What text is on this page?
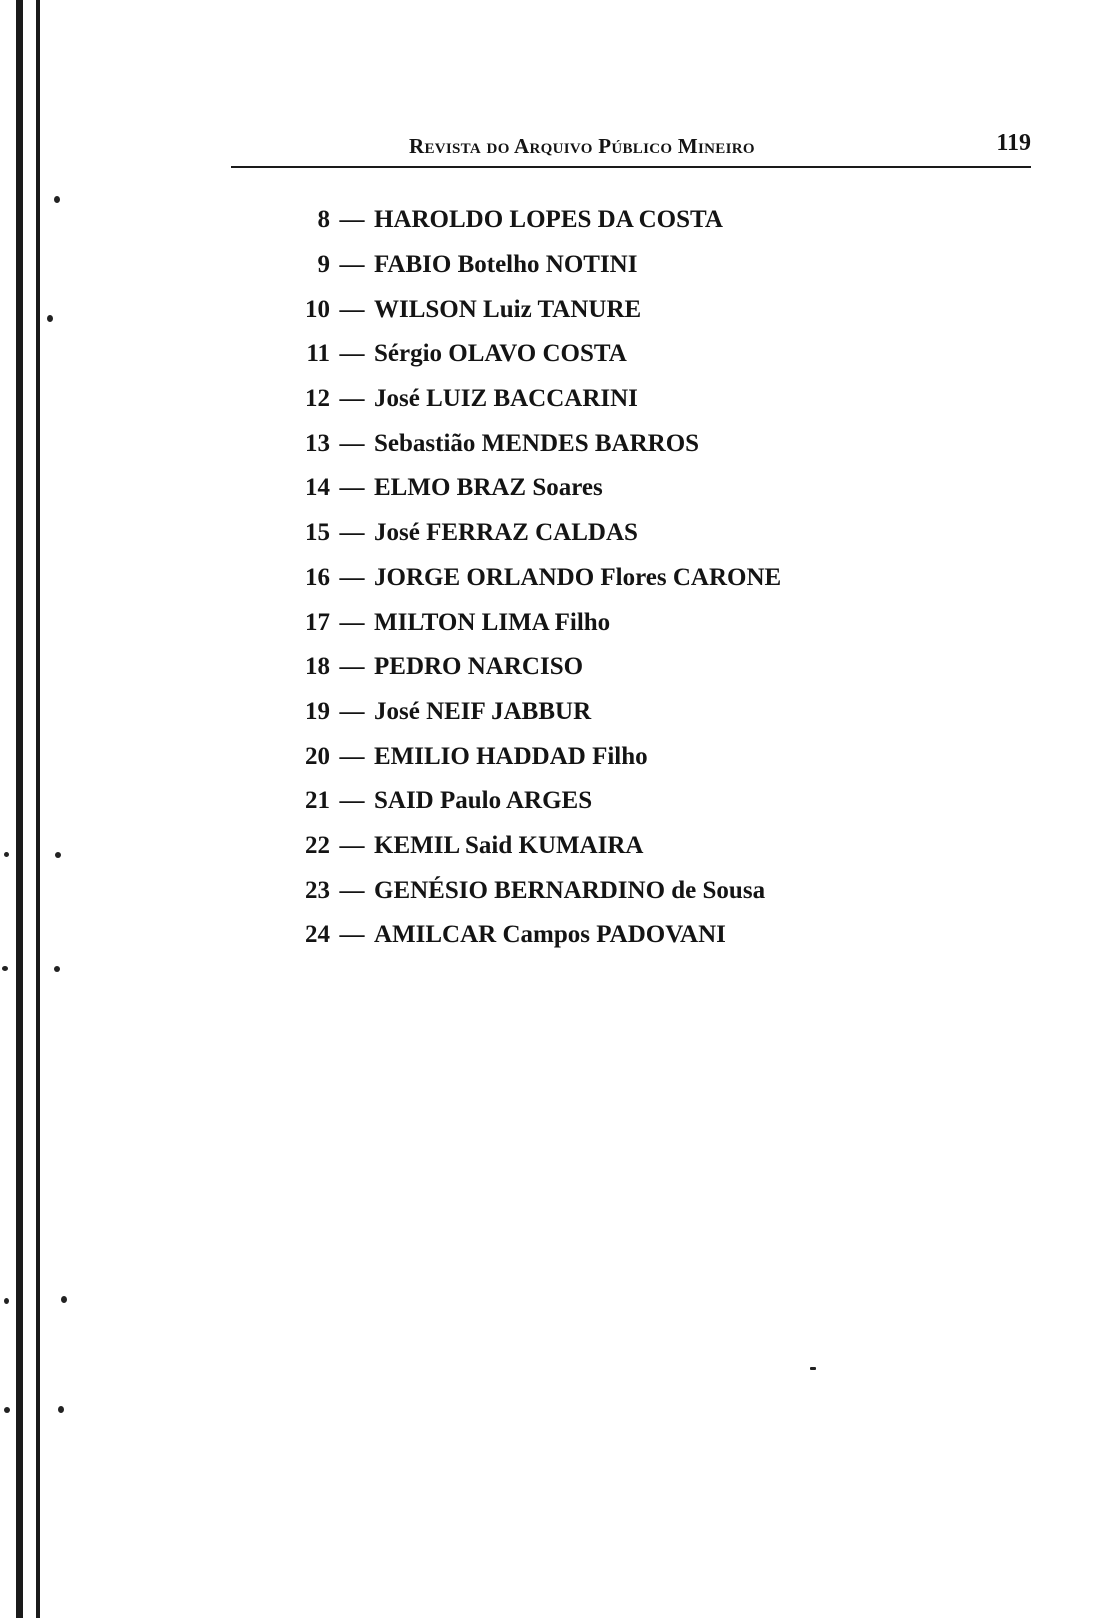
Revista do Arquivo Público Mineiro	119
8 — HAROLDO LOPES DA COSTA
9 — FABIO Botelho NOTINI
10 — WILSON Luiz TANURE
11 — Sérgio OLAVO COSTA
12 — José LUIZ BACCARINI
13 — Sebastião MENDES BARROS
14 — ELMO BRAZ Soares
15 — José FERRAZ CALDAS
16 — JORGE ORLANDO Flores CARONE
17 — MILTON LIMA Filho
18 — PEDRO NARCISO
19 — José NEIF JABBUR
20 — EMILIO HADDAD Filho
21 — SAID Paulo ARGES
22 — KEMIL Said KUMAIRA
23 — GENÉSIO BERNARDINO de Sousa
24 — AMILCAR Campos PADOVANI
